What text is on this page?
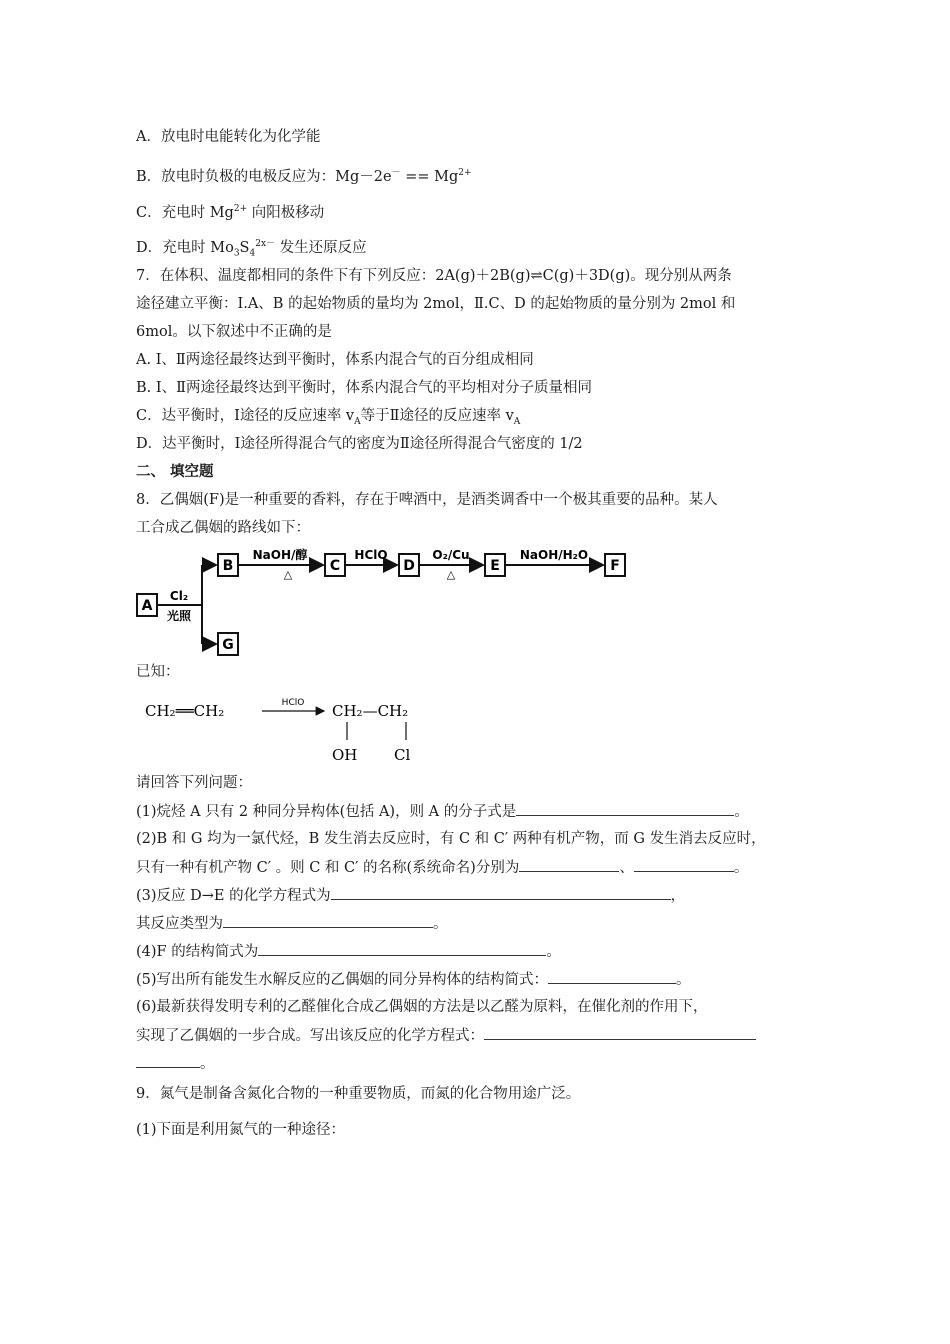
A．放电时电能转化为化学能
B．放电时负极的电极反应为：$Mg-2e^- == Mg^{2+}$
C．充电时 $Mg^{2+}$ 向阳极移动
D．充电时 $Mo_3S_4^{2x-}$ 发生还原反应
7．在体积、温度都相同的条件下有下列反应：2A(g)＋2B(g)⇌C(g)＋3D(g)。现分别从两条
途径建立平衡：Ⅰ.A、B 的起始物质的量均为 2mol，Ⅱ.C、D 的起始物质的量分别为 2mol 和
6mol。以下叙述中不正确的是
A. Ⅰ、Ⅱ两途径最终达到平衡时，体系内混合气的百分组成相同
B. Ⅰ、Ⅱ两途径最终达到平衡时，体系内混合气的平均相对分子质量相同
C．达平衡时，Ⅰ途径的反应速率 $v_A$等于Ⅱ途径的反应速率 $v_A$
D．达平衡时，Ⅰ途径所得混合气的密度为Ⅱ途径所得混合气密度的 1/2
二、 填空题
8．乙偶姻(F)是一种重要的香料，存在于啤酒中，是酒类调香中一个极其重要的品种。某人
工合成乙偶姻的路线如下：
A
Cl₂
光照
B
G
NaOH/醇
△
C
HClO
D
O₂/Cu
△
E
NaOH/H₂O
F
已知：
CH₂══CH₂	HClO CH₂—CH₂
OH Cl
请回答下列问题：
(1)烷烃 A 只有 2 种同分异构体(包括 A)，则 A 的分子式是	。
(2)B 和 G 均为一氯代烃，B 发生消去反应时，有 C 和 C′ 两种有机产物，而 G 发生消去反应时，
只有一种有机产物 C′ 。则 C 和 C′ 的名称(系统命名)分别为	、	。
(3)反应 D→E 的化学方程式为	，
其反应类型为	。
(4)F 的结构简式为	。
(5)写出所有能发生水解反应的乙偶姻的同分异构体的结构简式：	。
(6)最新获得发明专利的乙醛催化合成乙偶姻的方法是以乙醛为原料，在催化剂的作用下，
实现了乙偶姻的一步合成。写出该反应的化学方程式：
。
9．氮气是制备含氮化合物的一种重要物质，而氮的化合物用途广泛。
(1)下面是利用氮气的一种途径：
